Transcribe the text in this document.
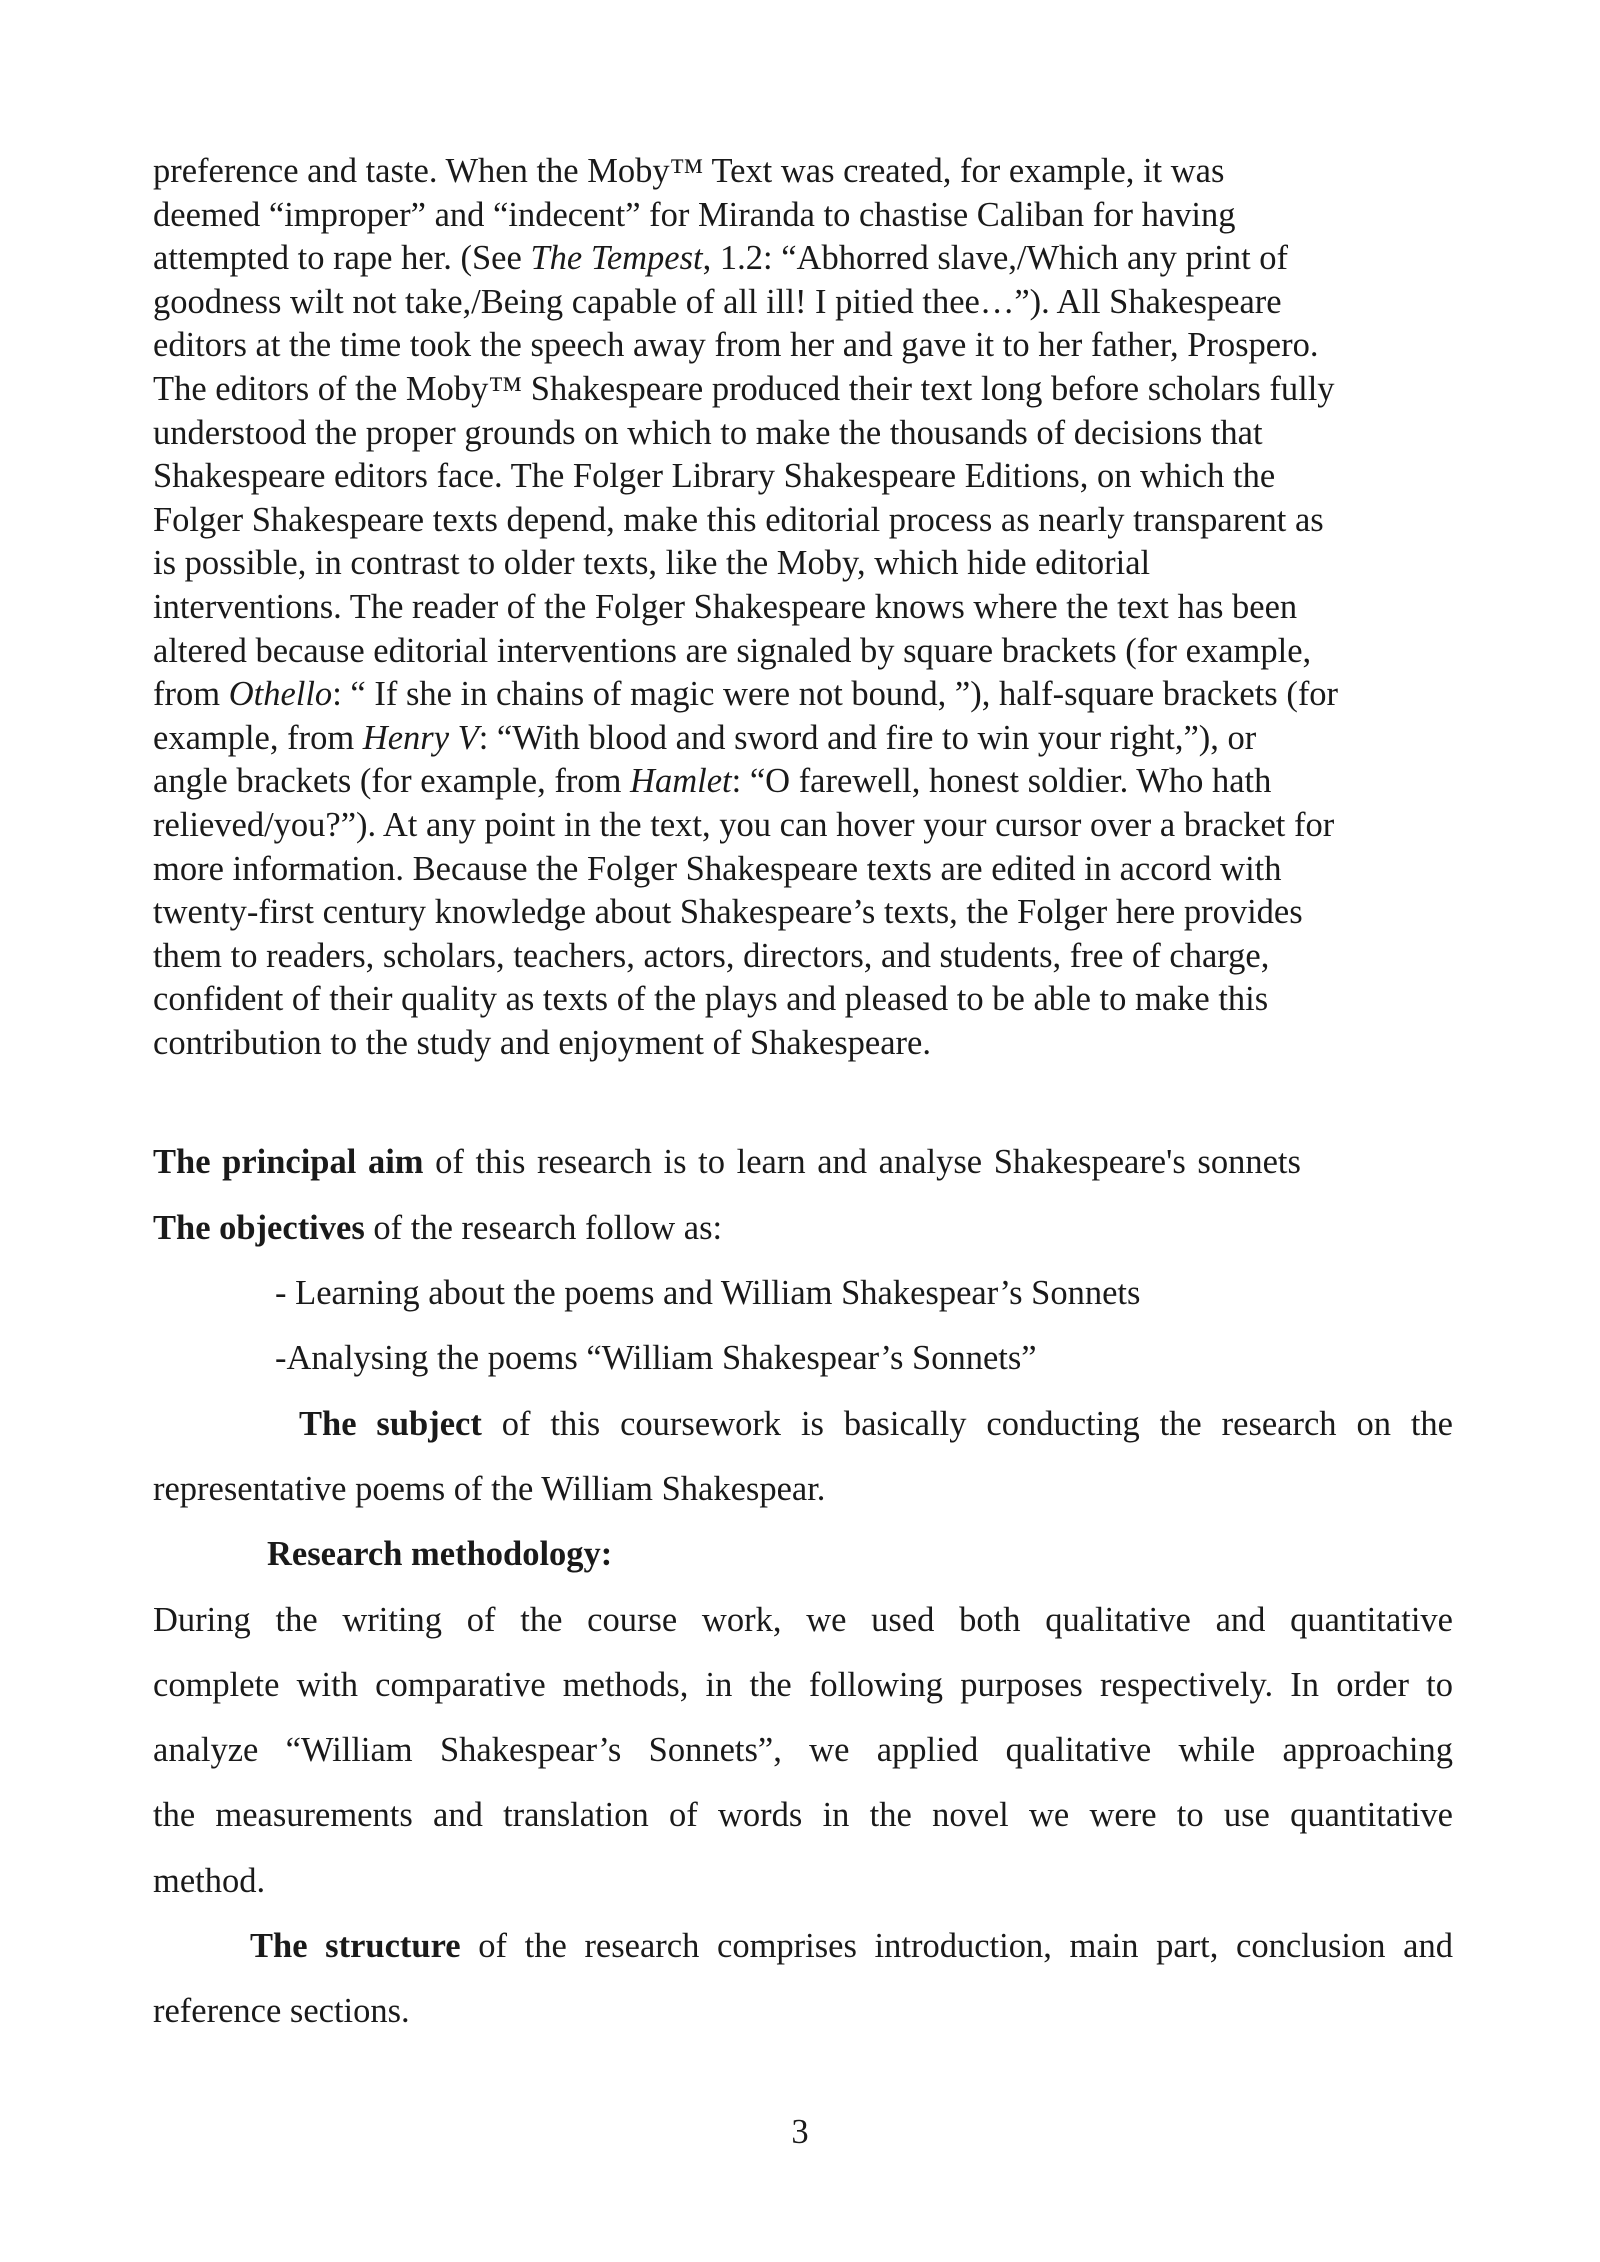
preference and taste. When the Moby™ Text was created, for example, it was
deemed “improper” and “indecent” for Miranda to chastise Caliban for having
attempted to rape her. (See The Tempest, 1.2: “Abhorred slave,/Which any print of
goodness wilt not take,/Being capable of all ill! I pitied thee…”). All Shakespeare
editors at the time took the speech away from her and gave it to her father, Prospero.
The editors of the Moby™ Shakespeare produced their text long before scholars fully
understood the proper grounds on which to make the thousands of decisions that
Shakespeare editors face. The Folger Library Shakespeare Editions, on which the
Folger Shakespeare texts depend, make this editorial process as nearly transparent as
is possible, in contrast to older texts, like the Moby, which hide editorial
interventions. The reader of the Folger Shakespeare knows where the text has been
altered because editorial interventions are signaled by square brackets (for example,
from Othello: “ If she in chains of magic were not bound, ”), half-square brackets (for
example, from Henry V: “With blood and sword and fire to win your right,”), or
angle brackets (for example, from Hamlet: “O farewell, honest soldier. Who hath
relieved/you?”). At any point in the text, you can hover your cursor over a bracket for
more information. Because the Folger Shakespeare texts are edited in accord with
twenty-first century knowledge about Shakespeare’s texts, the Folger here provides
them to readers, scholars, teachers, actors, directors, and students, free of charge,
confident of their quality as texts of the plays and pleased to be able to make this
contribution to the study and enjoyment of Shakespeare.

The principal aim of this research is to learn and analyse Shakespeare's sonnets
The objectives of the research follow as:
- Learning about the poems and William Shakespear’s Sonnets
-Analysing the poems “William Shakespear’s Sonnets”
The subject of this coursework is basically conducting the research on the
representative poems of the William Shakespear.
Research methodology:
During the writing of the course work, we used both qualitative and quantitative
complete with comparative methods, in the following purposes respectively. In order to
analyze “William Shakespear’s Sonnets”, we applied qualitative while approaching
the measurements and translation of words in the novel we were to use quantitative
method.
The structure of the research comprises introduction, main part, conclusion and
reference sections.
3
